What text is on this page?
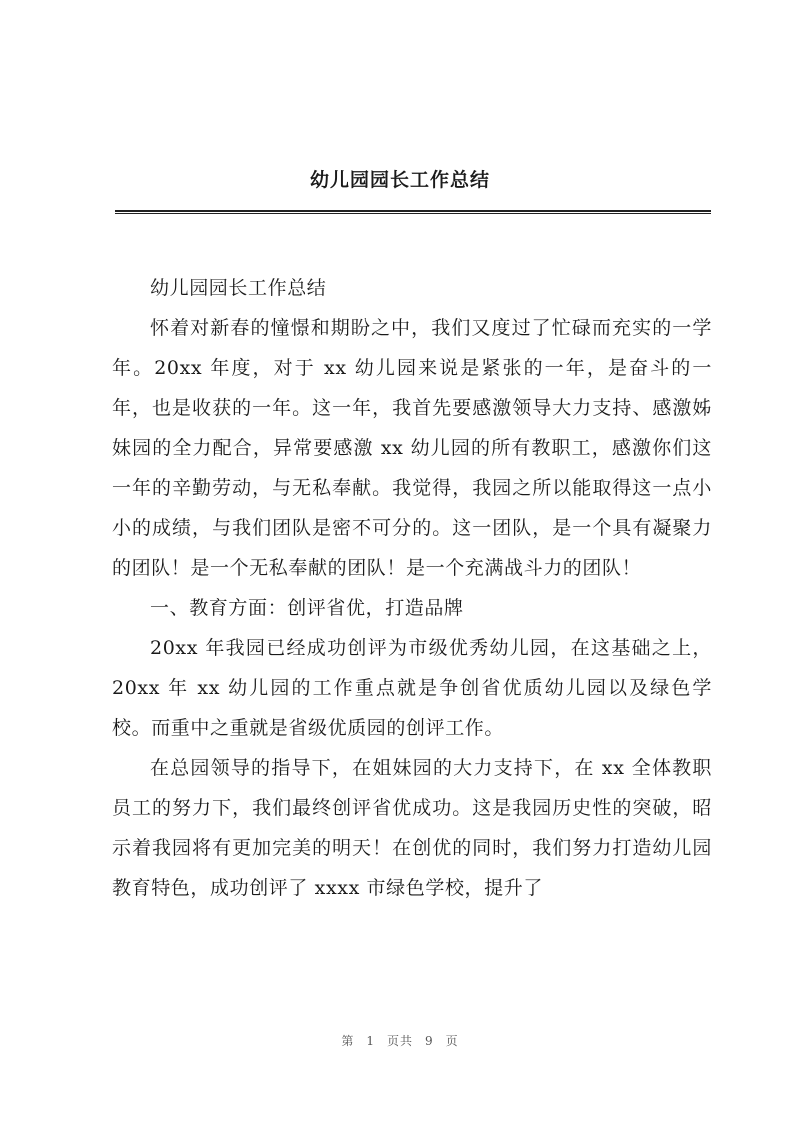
幼儿园园长工作总结

幼儿园园长工作总结

怀着对新春的憧憬和期盼之中，我们又度过了忙碌而充实的一学年。20xx 年度，对于 xx 幼儿园来说是紧张的一年，是奋斗的一年，也是收获的一年。这一年，我首先要感激领导大力支持、感激姊妹园的全力配合，异常要感激 xx 幼儿园的所有教职工，感激你们这一年的辛勤劳动，与无私奉献。我觉得，我园之所以能取得这一点小小的成绩，与我们团队是密不可分的。这一团队，是一个具有凝聚力的团队！是一个无私奉献的团队！是一个充满战斗力的团队！

一、教育方面：创评省优，打造品牌

20xx 年我园已经成功创评为市级优秀幼儿园，在这基础之上，20xx 年 xx 幼儿园的工作重点就是争创省优质幼儿园以及绿色学校。而重中之重就是省级优质园的创评工作。

在总园领导的指导下，在姐妹园的大力支持下，在 xx 全体教职员工的努力下，我们最终创评省优成功。这是我园历史性的突破，昭示着我园将有更加完美的明天！在创优的同时，我们努力打造幼儿园教育特色，成功创评了 xxxx 市绿色学校，提升了

第 1 页共 9 页
